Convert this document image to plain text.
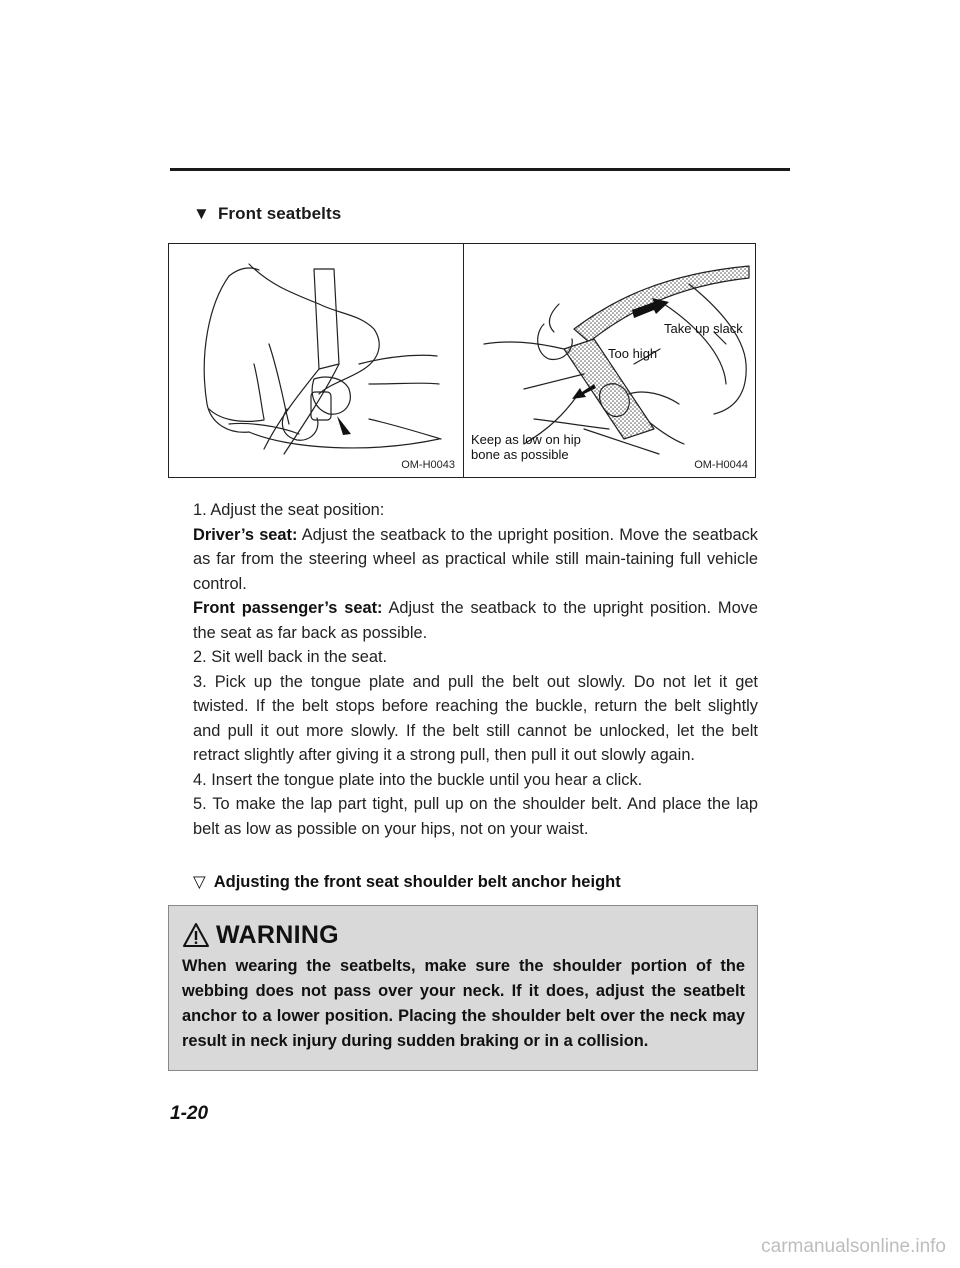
▼ Front seatbelts
OM-H0043
Take up slack
Too high
Keep as low on hip
bone as possible
OM-H0044

1. Adjust the seat position:

Driver’s seat: Adjust the seatback to the upright position. Move the seatback as far from the steering wheel as practical while still main-taining full vehicle control.

Front passenger’s seat: Adjust the seatback to the upright position. Move the seat as far back as possible.

2. Sit well back in the seat.

3. Pick up the tongue plate and pull the belt out slowly. Do not let it get twisted. If the belt stops before reaching the buckle, return the belt slightly and pull it out more slowly. If the belt still cannot be unlocked, let the belt retract slightly after giving it a strong pull, then pull it out slowly again.

4. Insert the tongue plate into the buckle until you hear a click.

5. To make the lap part tight, pull up on the shoulder belt. And place the lap belt as low as possible on your hips, not on your waist.

▽ Adjusting the front seat shoulder belt anchor height
WARNING
When wearing the seatbelts, make sure the shoulder portion of the webbing does not pass over your neck. If it does, adjust the seatbelt anchor to a lower position. Placing the shoulder belt over the neck may result in neck injury during sudden braking or in a collision.
1-20
carmanualsonline.info
